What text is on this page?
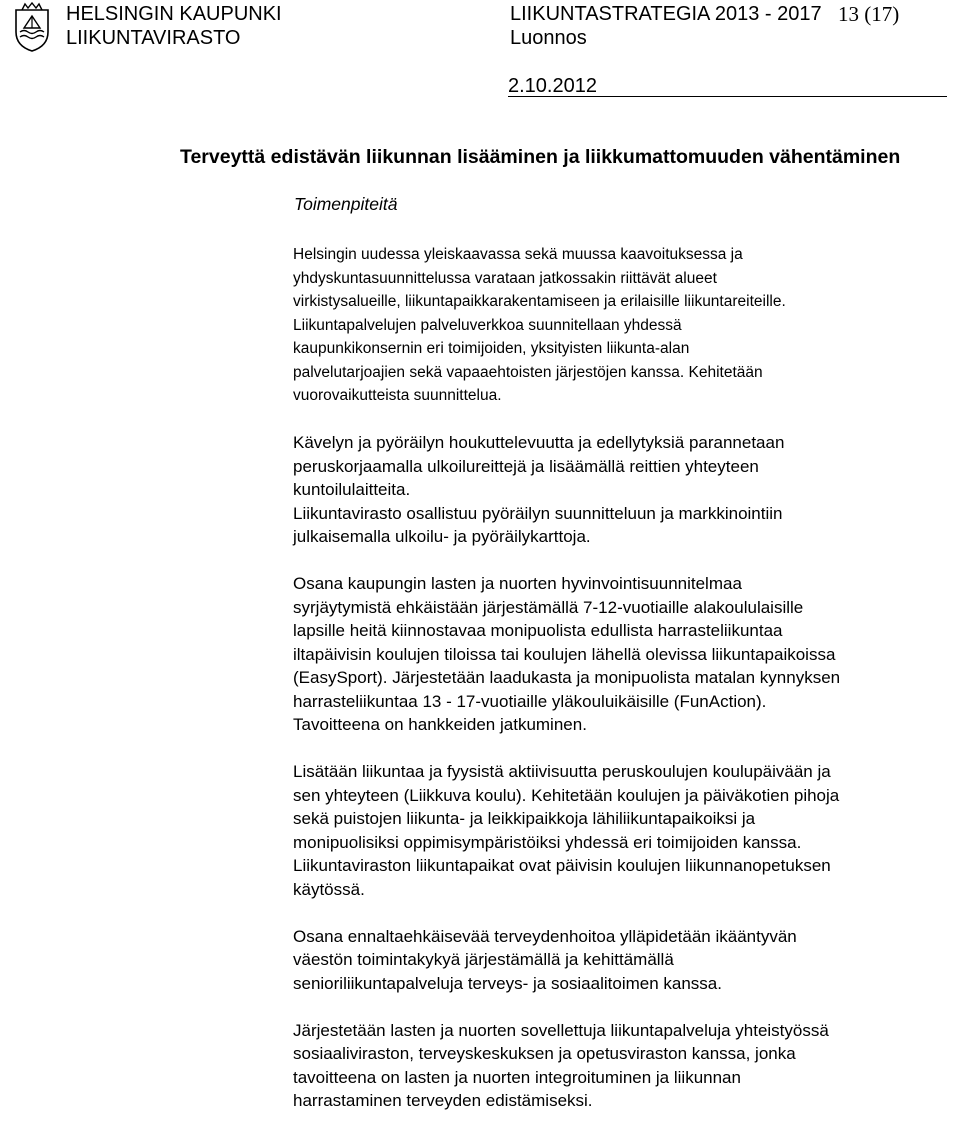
HELSINGIN KAUPUNKI
LIIKUNTAVIRASTO
LIIKUNTASTRATEGIA 2013 - 2017
Luonnos
13 (17)
2.10.2012
Terveyttä edistävän liikunnan lisääminen ja liikkumattomuuden vähentäminen
Toimenpiteitä

Helsingin uudessa yleiskaavassa sekä muussa kaavoituksessa ja
yhdyskuntasuunnittelussa varataan jatkossakin riittävät alueet
virkistysalueille, liikuntapaikkarakentamiseen ja erilaisille liikuntareiteille.
Liikuntapalvelujen palveluverkkoa suunnitellaan yhdessä
kaupunkikonsernin eri toimijoiden, yksityisten liikunta-alan
palvelutarjoajien sekä vapaaehtoisten järjestöjen kanssa. Kehitetään
vuorovaikutteista suunnittelua.

Kävelyn ja pyöräilyn houkuttelevuutta ja edellytyksiä parannetaan
peruskorjaamalla ulkoilureittejä ja lisäämällä reittien yhteyteen
kuntoilulaitteita.
Liikuntavirasto osallistuu pyöräilyn suunnitteluun ja markkinointiin
julkaisemalla ulkoilu- ja pyöräilykarttoja.

Osana kaupungin lasten ja nuorten hyvinvointisuunnitelmaa
syrjäytymistä ehkäistään järjestämällä 7-12-vuotiaille alakoululaisille
lapsille heitä kiinnostavaa monipuolista edullista harrasteliikuntaa
iltapäivisin koulujen tiloissa tai koulujen lähellä olevissa liikuntapaikoissa
(EasySport). Järjestetään laadukasta ja monipuolista matalan kynnyksen
harrasteliikuntaa 13 - 17-vuotiaille yläkouluikäisille (FunAction).
Tavoitteena on hankkeiden jatkuminen.

Lisätään liikuntaa ja fyysistä aktiivisuutta peruskoulujen koulupäivään ja
sen yhteyteen (Liikkuva koulu). Kehitetään koulujen ja päiväkotien pihoja
sekä puistojen liikunta- ja leikkipaikkoja lähiliikuntapaikoiksi ja
monipuolisiksi oppimisympäristöiksi yhdessä eri toimijoiden kanssa.
Liikuntaviraston liikuntapaikat ovat päivisin koulujen liikunnanopetuksen
käytössä.

Osana ennaltaehkäisevää terveydenhoitoa ylläpidetään ikääntyvän
väestön toimintakykyä järjestämällä ja kehittämällä
senioriliikuntapalveluja terveys- ja sosiaalitoimen kanssa.

Järjestetään lasten ja nuorten sovellettuja liikuntapalveluja yhteistyössä
sosiaaliviraston, terveyskeskuksen ja opetusviraston kanssa, jonka
tavoitteena on lasten ja nuorten integroituminen ja liikunnan
harrastaminen terveyden edistämiseksi.
